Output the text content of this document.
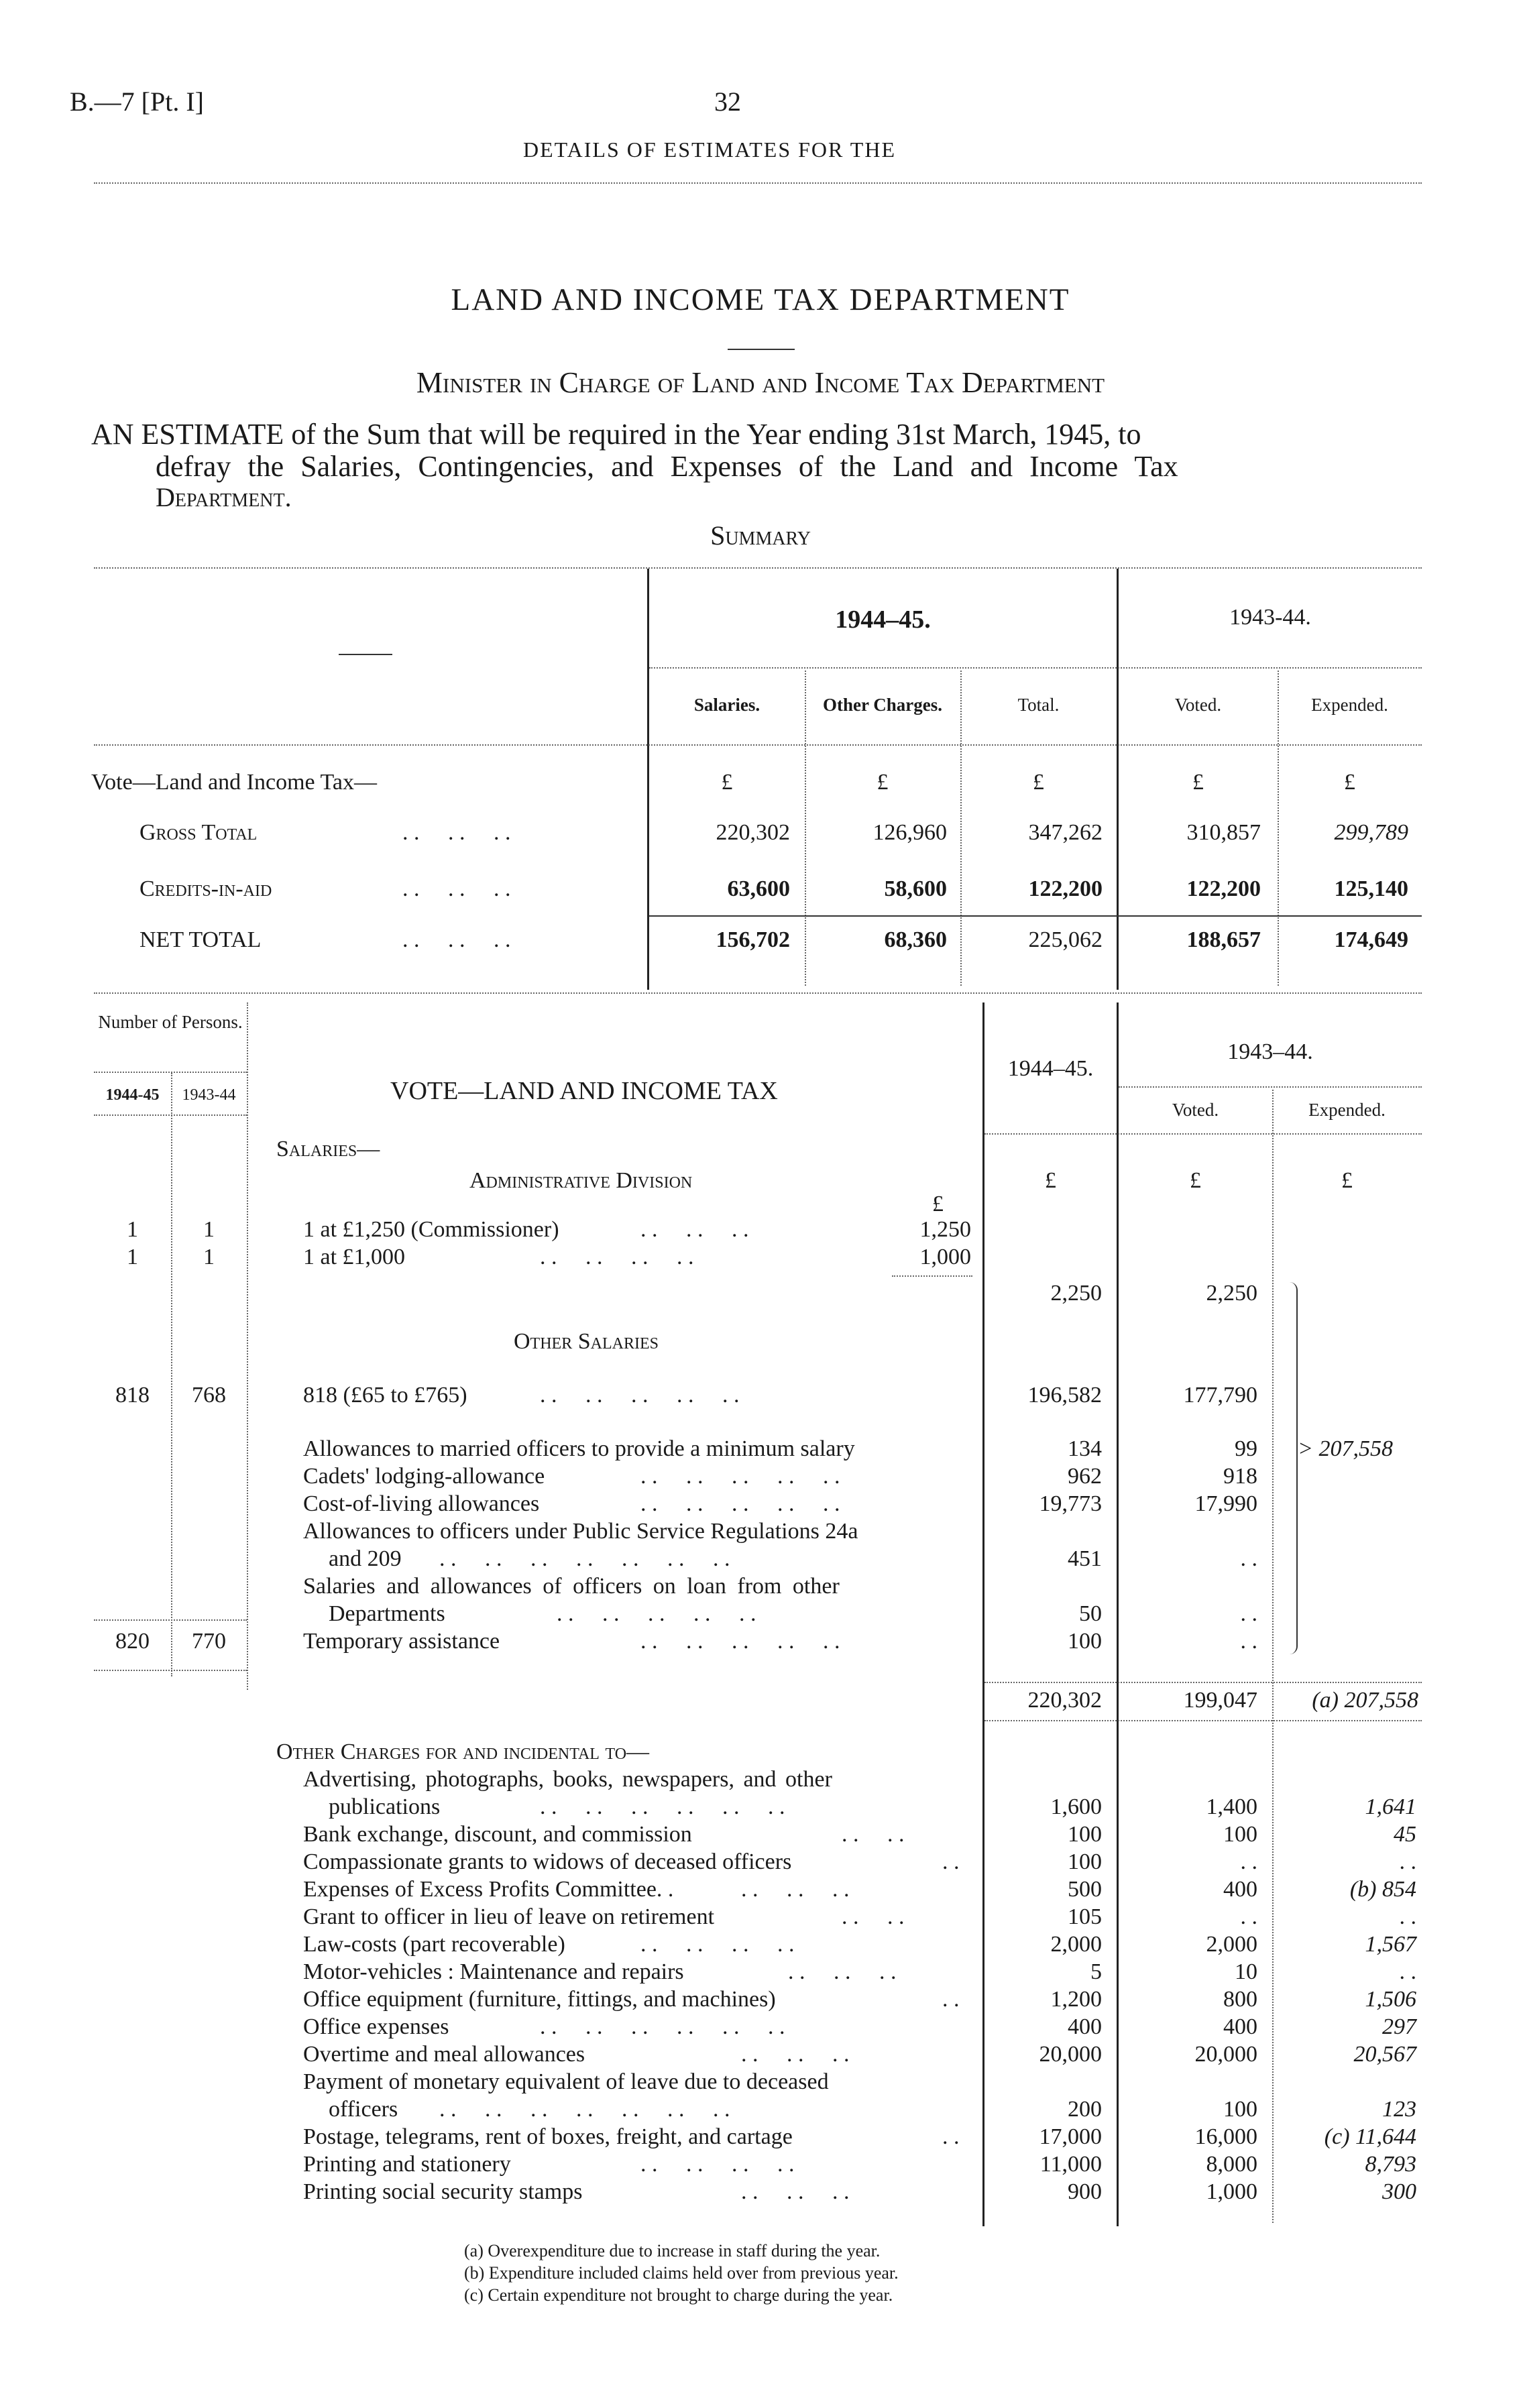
B.—7 [Pt. I]	32
DETAILS OF ESTIMATES FOR THE
LAND AND INCOME TAX DEPARTMENT
Minister in Charge of Land and Income Tax Department
AN ESTIMATE of the Sum that will be required in the Year ending 31st March, 1945, to
defray the Salaries, Contingencies, and Expenses of the Land and Income Tax
Department.
Summary
1944–45.	1943-44.
Salaries.	Other Charges.	Total.	Voted.	Expended.
Vote—Land and Income Tax—	£	£	£	£	£
Gross Total	. .     . .     . .	220,302	126,960	347,262	310,857	299,789
Credits-in-aid	. .     . .     . .	63,600	58,600	122,200	122,200	125,140
NET TOTAL	. .     . .     . .	156,702	68,360	225,062	188,657	174,649
Number of Persons.
1944-45	1943-44	VOTE—LAND AND INCOME TAX
1944–45.
1943–44.
Voted.	Expended.
Salaries—
Administrative Division	£	£	£
£
1	1	1 at £1,250 (Commissioner)	. .     . .     . .	1,250
1	1	1 at £1,000	. .     . .     . .     . .	1,000
2,250	2,250
Other Salaries
818	768	818 (£65 to £765)	. .     . .     . .     . .     . .	196,582	177,790
Allowances to married officers to provide a minimum salary	134	99
Cadets' lodging-allowance	. .     . .     . .     . .     . .	962	918
Cost-of-living allowances	. .     . .     . .     . .     . .	19,773	17,990
Allowances to officers under Public Service Regulations 24a
and 209 . .     . .     . .     . .     . .     . .     . .	451	. .
Salaries and allowances of officers on loan from other
Departments	. .     . .     . .     . .     . .	50	. .
820	770	Temporary assistance	. .     . .     . .     . .     . .	100	. .
> 207,558
220,302	199,047	(a) 207,558
Other Charges for and incidental to—
Advertising, photographs, books, newspapers, and other
publications	. .     . .     . .     . .     . .     . .	1,600	1,400	1,641
Bank exchange, discount, and commission	. .     . .	100	100	45
Compassionate grants to widows of deceased officers	. .	100	. .	. .
Expenses of Excess Profits Committee. .	. .     . .     . .	500	400	(b) 854
Grant to officer in lieu of leave on retirement	. .     . .	105	. .	. .
Law-costs (part recoverable)	. .     . .     . .     . .	2,000	2,000	1,567
Motor-vehicles : Maintenance and repairs	. .     . .     . .	5	10	. .
Office equipment (furniture, fittings, and machines)	. .	1,200	800	1,506
Office expenses	. .     . .     . .     . .     . .     . .	400	400	297
Overtime and meal allowances	. .     . .     . .	20,000	20,000	20,567
Payment of monetary equivalent of leave due to deceased
officers . .     . .     . .     . .     . .     . .     . .	200	100	123
Postage, telegrams, rent of boxes, freight, and cartage	. .	17,000	16,000	(c) 11,644
Printing and stationery	. .     . .     . .     . .	11,000	8,000	8,793
Printing social security stamps	. .     . .     . .	900	1,000	300
(a) Overexpenditure due to increase in staff during the year.
(b) Expenditure included claims held over from previous year.
(c) Certain expenditure not brought to charge during the year.
